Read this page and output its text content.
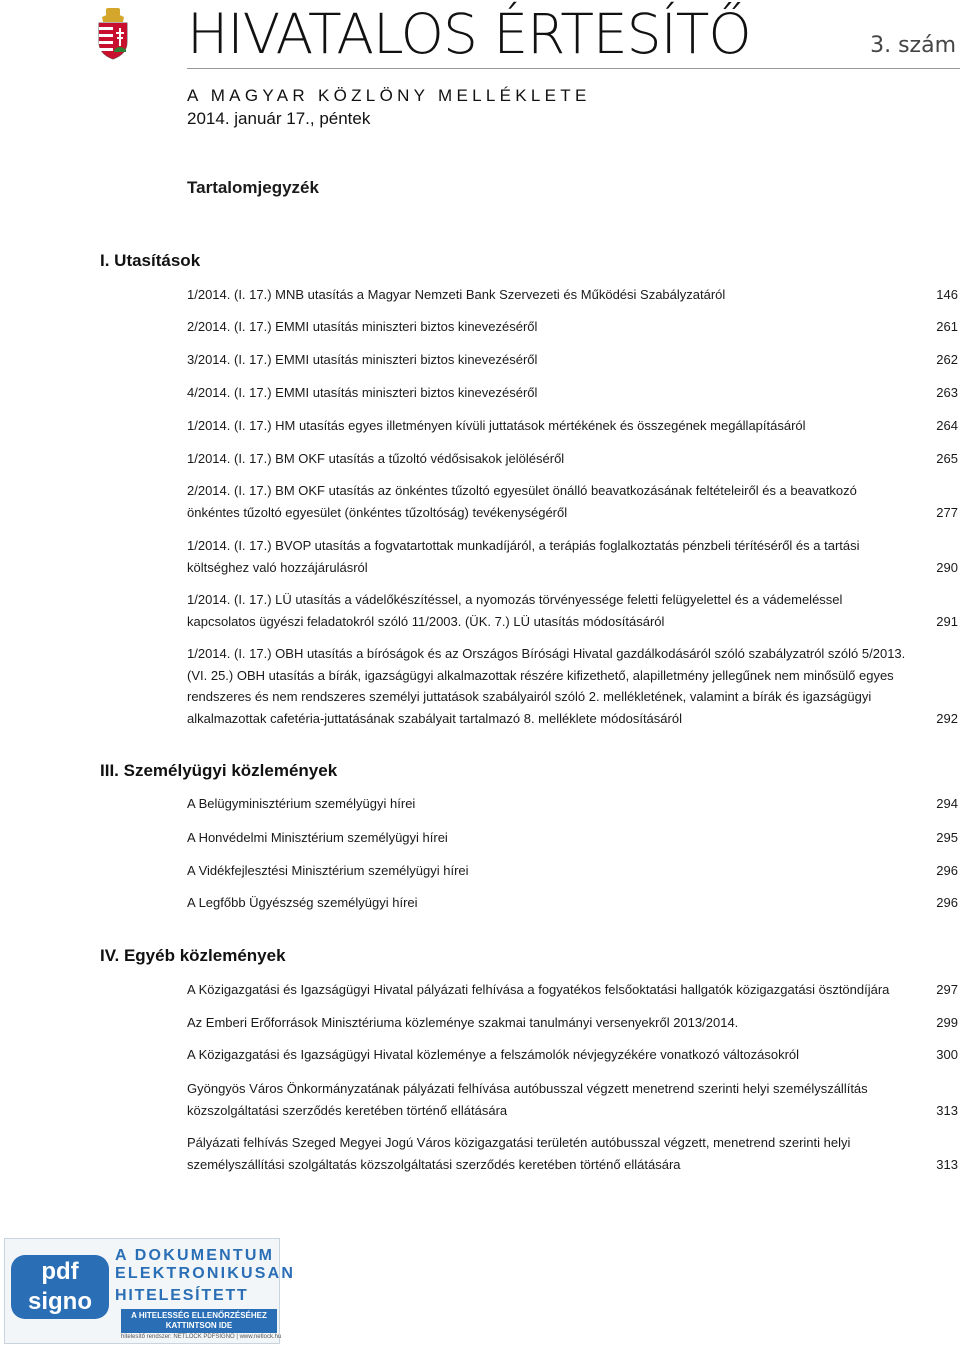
HIVATALOS ÉRTESÍTŐ	3. szám
A MAGYAR KÖZLÖNY MELLÉKLETE
2014. január 17., péntek
Tartalomjegyzék
I. Utasítások
1/2014. (I. 17.) MNB utasítás a Magyar Nemzeti Bank Szervezeti és Működési Szabályzatáról	146
2/2014. (I. 17.) EMMI utasítás miniszteri biztos kinevezéséről	261
3/2014. (I. 17.) EMMI utasítás miniszteri biztos kinevezéséről	262
4/2014. (I. 17.) EMMI utasítás miniszteri biztos kinevezéséről	263
1/2014. (I. 17.) HM utasítás egyes illetményen kívüli juttatások mértékének és összegének megállapításáról	264
1/2014. (I. 17.) BM OKF utasítás a tűzoltó védősisakok jelöléséről	265
2/2014. (I. 17.) BM OKF utasítás az önkéntes tűzoltó egyesület önálló beavatkozásának feltételeiről és a beavatkozó önkéntes tűzoltó egyesület (önkéntes tűzoltóság) tevékenységéről	277
1/2014. (I. 17.) BVOP utasítás a fogvatartottak munkadíjáról, a terápiás foglalkoztatás pénzbeli térítéséről és a tartási költséghez való hozzájárulásról	290
1/2014. (I. 17.) LÜ utasítás a vádelőkészítéssel, a nyomozás törvényessége feletti felügyelettel és a vádemeléssel kapcsolatos ügyészi feladatokról szóló 11/2003. (ÜK. 7.) LÜ utasítás módosításáról	291
1/2014. (I. 17.) OBH utasítás a bíróságok és az Országos Bírósági Hivatal gazdálkodásáról szóló szabályzatról szóló 5/2013. (VI. 25.) OBH utasítás a bírák, igazságügyi alkalmazottak részére kifizethető, alapilletmény jellegűnek nem minősülő egyes rendszeres és nem rendszeres személyi juttatások szabályairól szóló 2. mellékletének, valamint a bírák és igazságügyi alkalmazottak cafetéria-juttatásának szabályait tartalmazó 8. melléklete módosításáról	292
III. Személyügyi közlemények
A Belügyminisztérium személyügyi hírei	294
A Honvédelmi Minisztérium személyügyi hírei	295
A Vidékfejlesztési Minisztérium személyügyi hírei	296
A Legfőbb Ügyészség személyügyi hírei	296
IV. Egyéb közlemények
A Közigazgatási és Igazságügyi Hivatal pályázati felhívása a fogyatékos felsőoktatási hallgatók közigazgatási ösztöndíjára	297
Az Emberi Erőforrások Minisztériuma közleménye szakmai tanulmányi versenyekről 2013/2014.	299
A Közigazgatási és Igazságügyi Hivatal közleménye a felszámolók névjegyzékére vonatkozó változásokról	300
Gyöngyös Város Önkormányzatának pályázati felhívása autóbusszal végzett menetrend szerinti helyi személyszállítás közszolgáltatási szerződés keretében történő ellátására	313
Pályázati felhívás Szeged Megyei Jogú Város közigazgatási területén autóbusszal végzett, menetrend szerinti helyi személyszállítási szolgáltatás közszolgáltatási szerződés keretében történő ellátására	313
pdf signo
A DOKUMENTUM
ELEKTRONIKUSAN
HITELESÍTETT
A HITELESSÉG ELLENŐRZÉSÉHEZ KATTINTSON IDE
hitelesítő rendszer: NETLOCK PDFSIGNO | www.netlock.hu
